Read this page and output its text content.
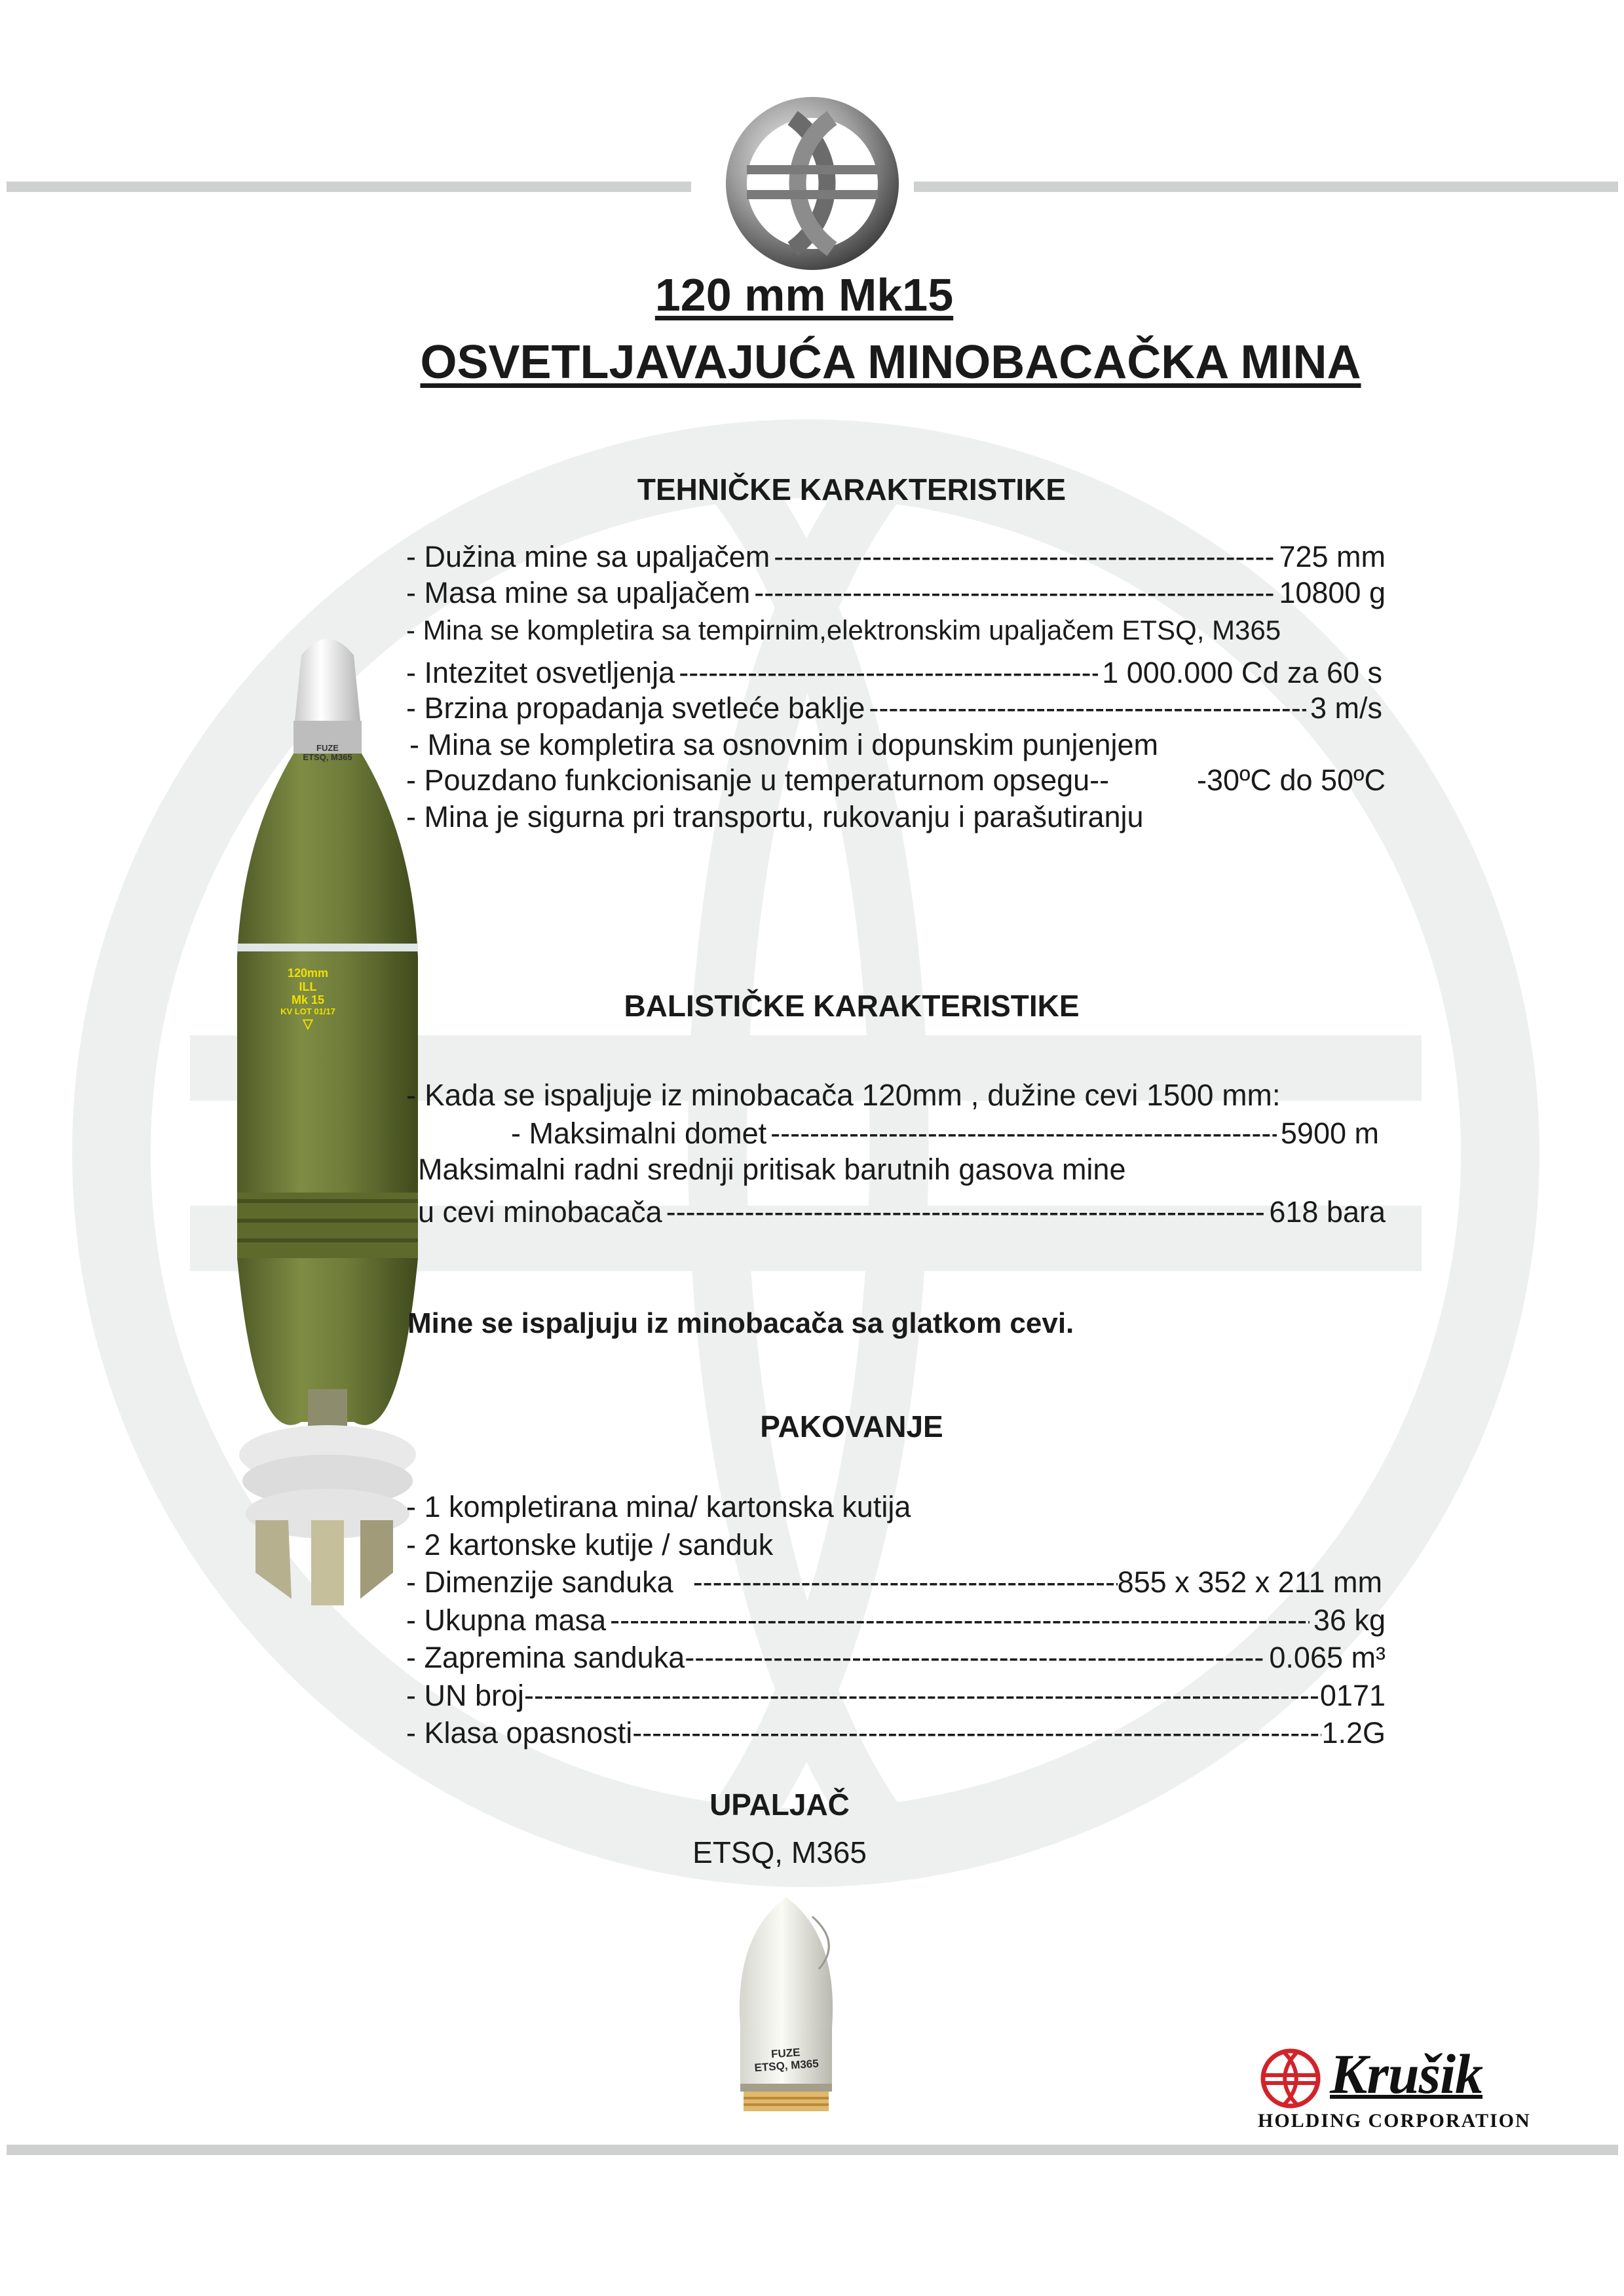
120 mm Mk15
OSVETLJAVAJUĆA MINOBACAČKA MINA
FUZE
ETSQ, M365
120mm
ILL
Mk 15
KV LOT 01/17
▽
TEHNIČKE KARAKTERISTIKE
- Dužina mine sa upaljačem -----	725 mm
- Masa mine sa upaljačem -----	10800 g
- Mina se kompletira sa tempirnim,elektronskim upaljačem ETSQ, M365
- Intezitet osvetljenja -----	1 000.000 Cd za 60 s
- Brzina propadanja svetleće baklje -----	3 m/s
- Mina se kompletira sa osnovnim i dopunskim punjenjem
- Pouzdano funkcionisanje u temperaturnom opsegu--	-30ºC do 50ºC
- Mina je sigurna pri transportu, rukovanju i parašutiranju
BALISTIČKE KARAKTERISTIKE
- Kada se ispaljuje iz minobacača 120mm , dužine cevi 1500 mm:
- Maksimalni domet -----	5900 m
Maksimalni radni srednji pritisak barutnih gasova mine
u cevi minobacača -----	618 bara
Mine se ispaljuju iz minobacača sa glatkom cevi.
PAKOVANJE
- 1 kompletirana mina/ kartonska kutija
- 2 kartonske kutije / sanduk
- Dimenzije sanduka -----	855 x 352 x 211 mm
- Ukupna masa -----	36 kg
- Zapremina sanduka -----	0.065 m³
- UN broj -----	0171
- Klasa opasnosti -----	1.2G
UPALJAČ
ETSQ, M365
FUZE
ETSQ, M365	Krušik
HOLDING CORPORATION
